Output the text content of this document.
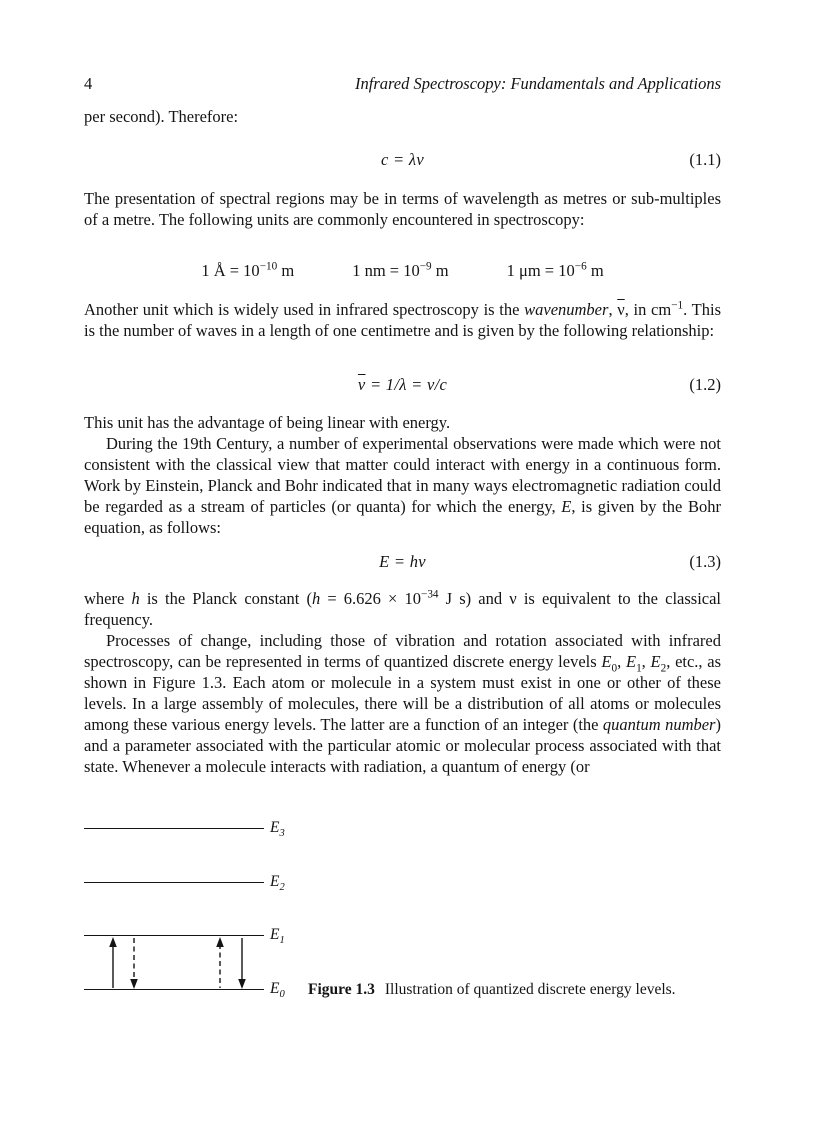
4	Infrared Spectroscopy: Fundamentals and Applications
per second). Therefore:
c = λν	(1.1)
The presentation of spectral regions may be in terms of wavelength as metres or sub-multiples of a metre. The following units are commonly encountered in spectroscopy:
1 Å = $10^{-10}$ m	1 nm = $10^{-9}$ m	1 $\mu m = 10^{-6}$ m
Another unit which is widely used in infrared spectroscopy is the wavenumber, $\overline{\nu}$, in $cm^{-1}$. This is the number of waves in a length of one centimetre and is given by the following relationship:
$\overline{\nu} = 1/\lambda = \nu/c$	(1.2)
This unit has the advantage of being linear with energy.
During the 19th Century, a number of experimental observations were made which were not consistent with the classical view that matter could interact with energy in a continuous form. Work by Einstein, Planck and Bohr indicated that in many ways electromagnetic radiation could be regarded as a stream of particles (or quanta) for which the energy, E, is given by the Bohr equation, as follows:
E = hν	(1.3)
where h is the Planck constant ($h = 6.626 \times 10^{-34}$ J s) and ν is equivalent to the classical frequency.
Processes of change, including those of vibration and rotation associated with infrared spectroscopy, can be represented in terms of quantized discrete energy levels $E_0$, $E_1$, $E_2$, etc., as shown in Figure 1.3. Each atom or molecule in a system must exist in one or other of these levels. In a large assembly of molecules, there will be a distribution of all atoms or molecules among these various energy levels. The latter are a function of an integer (the quantum number) and a parameter associated with the particular atomic or molecular process associated with that state. Whenever a molecule interacts with radiation, a quantum of energy (or
$E_3$
$E_2$
$E_1$
$E_0$ Figure 1.3 Illustration of quantized discrete energy levels.
